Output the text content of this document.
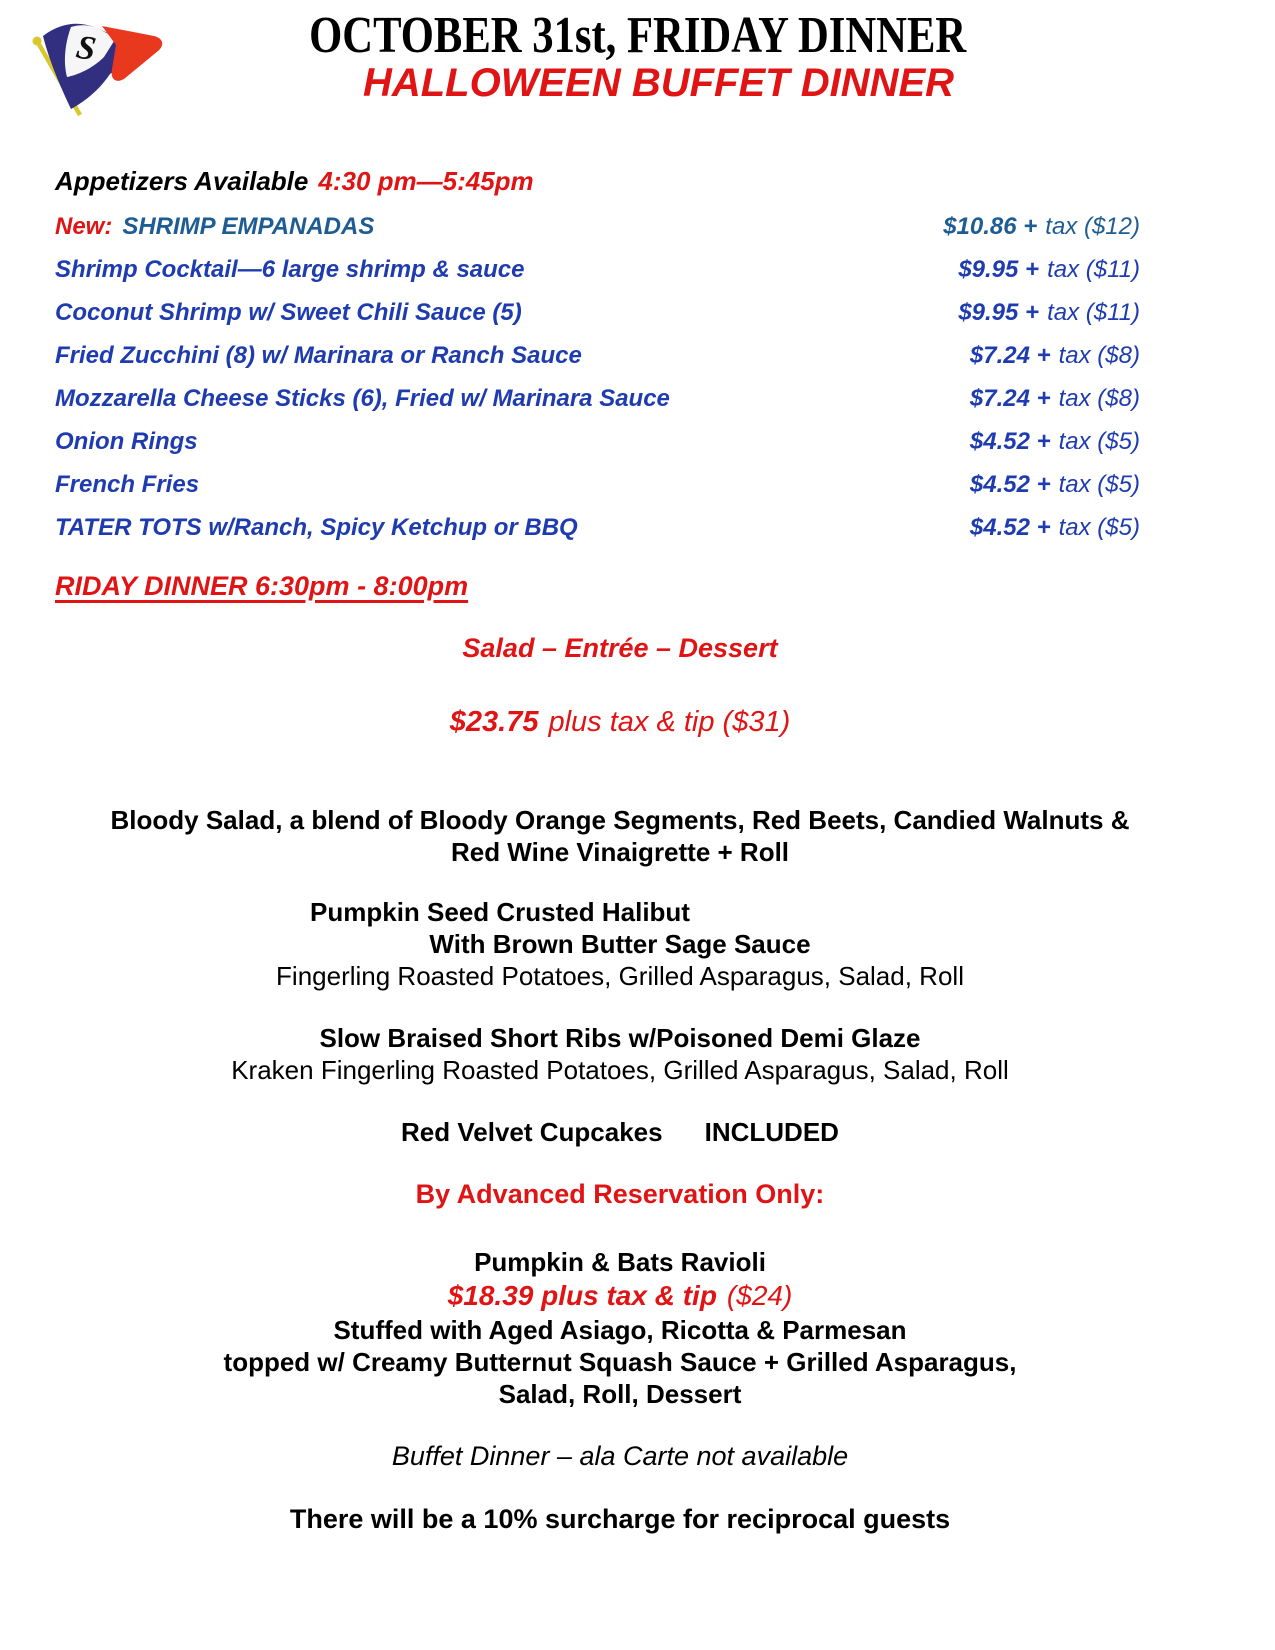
S	OCTOBER 31st, FRIDAY DINNER
HALLOWEEN BUFFET DINNER
Appetizers Available 4:30 pm—5:45pm
New: SHRIMP EMPANADAS	$10.86 + tax ($12)
Shrimp Cocktail—6 large shrimp & sauce	$9.95 + tax ($11)
Coconut Shrimp w/ Sweet Chili Sauce (5)	$9.95 + tax ($11)
Fried Zucchini (8) w/ Marinara or Ranch Sauce	$7.24 + tax ($8)
Mozzarella Cheese Sticks (6), Fried w/ Marinara Sauce	$7.24 + tax ($8)
Onion Rings	$4.52 + tax ($5)
French Fries	$4.52 + tax ($5)
TATER TOTS w/Ranch, Spicy Ketchup or BBQ	$4.52 + tax ($5)
RIDAY DINNER 6:30pm - 8:00pm
Salad – Entrée – Dessert
$23.75 plus tax & tip ($31)
Bloody Salad, a blend of Bloody Orange Segments, Red Beets, Candied Walnuts &
Red Wine Vinaigrette + Roll
Pumpkin Seed Crusted Halibut
With Brown Butter Sage Sauce
Fingerling Roasted Potatoes, Grilled Asparagus, Salad, Roll
Slow Braised Short Ribs w/Poisoned Demi Glaze
Kraken Fingerling Roasted Potatoes, Grilled Asparagus, Salad, Roll
Red Velvet Cupcakes INCLUDED
By Advanced Reservation Only:
Pumpkin & Bats Ravioli
$18.39 plus tax & tip ($24)
Stuffed with Aged Asiago, Ricotta & Parmesan
topped w/ Creamy Butternut Squash Sauce + Grilled Asparagus,
Salad, Roll, Dessert
Buffet Dinner – ala Carte not available
There will be a 10% surcharge for reciprocal guests
